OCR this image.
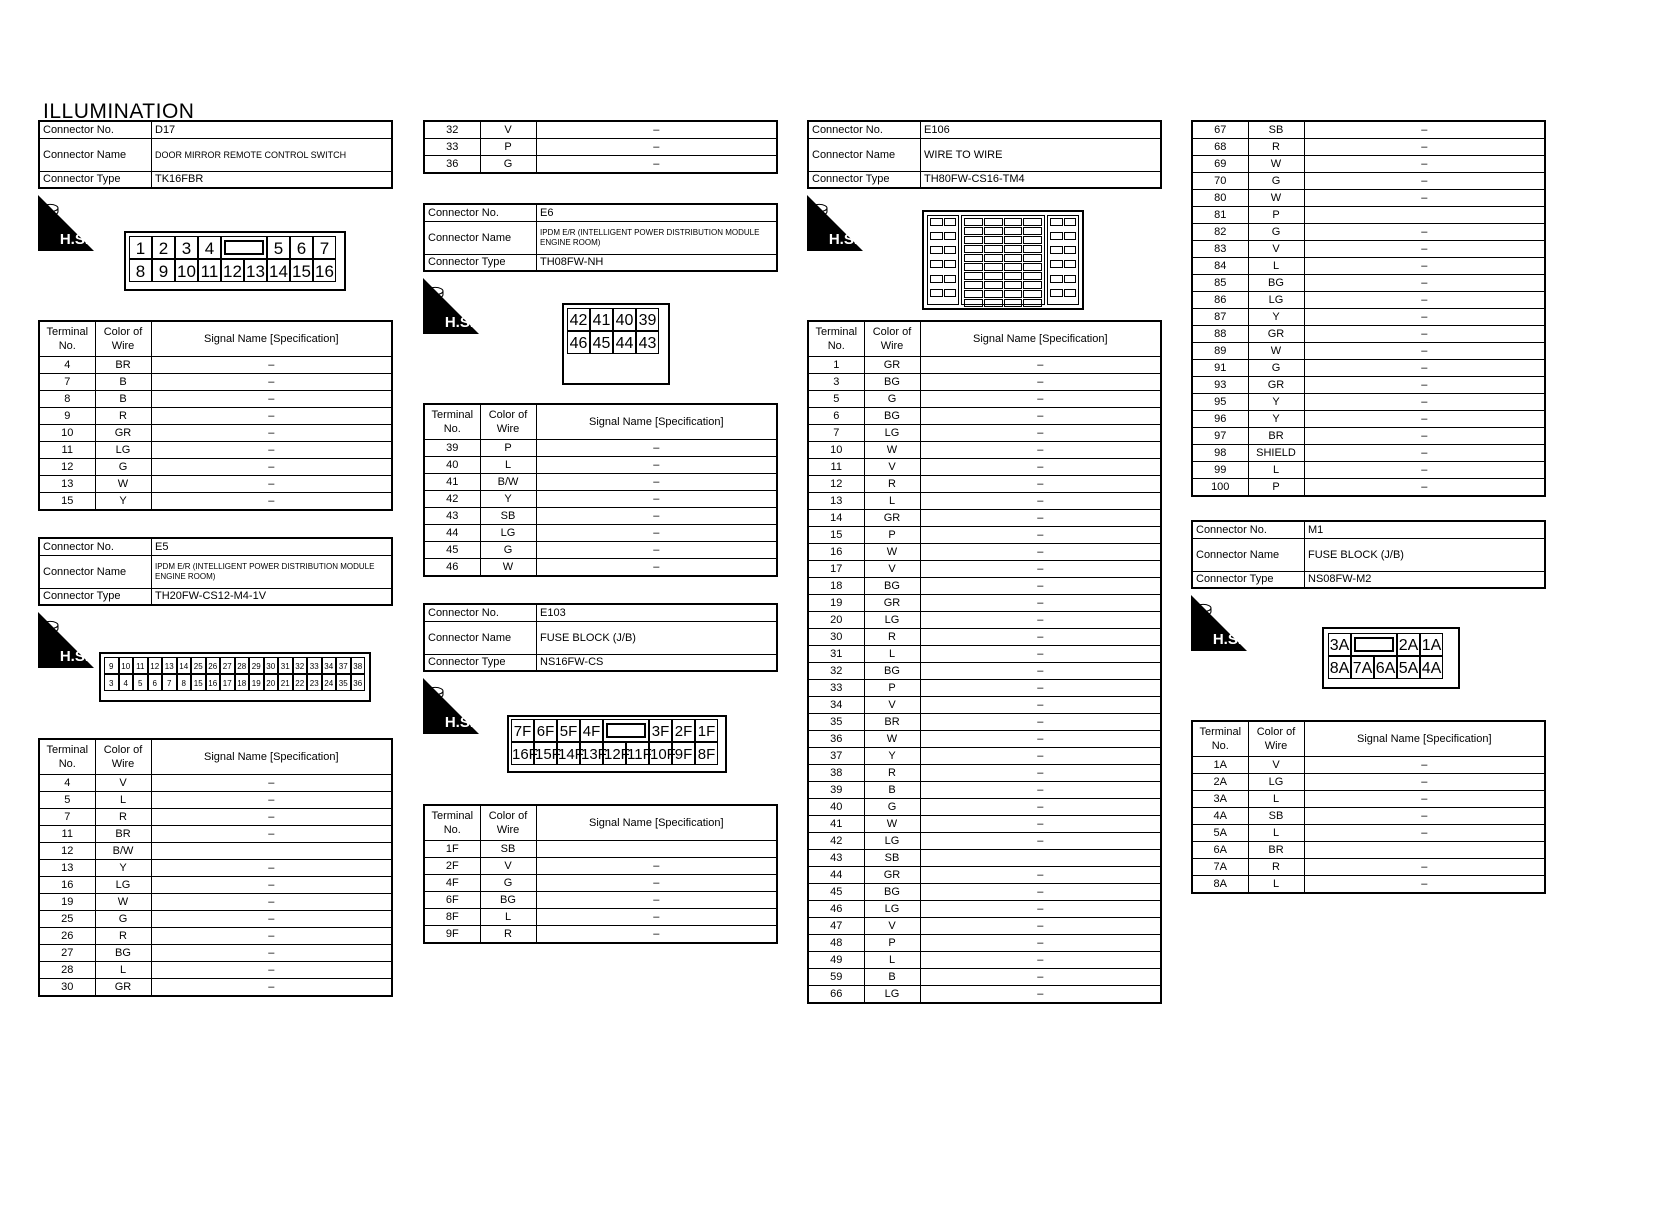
ILLUMINATION
Connector No.	D17
Connector Name	DOOR MIRROR REMOTE CONTROL SWITCH
Connector Type	TK16FBR
⛀
H.S.	1 2 3 4	5 6 7
8 9 10 11 12 13 14 15 16
Terminal No.	Color of Wire	Signal Name [Specification]
4	BR	–
7	B	–
8	B	–
9	R	–
10	GR	–
11	LG	–
12	G	–
13	W	–
15	Y	–
Connector No.	E5
Connector Name	IPDM E/R (INTELLIGENT POWER DISTRIBUTION MODULE ENGINE ROOM)
Connector Type	TH20FW-CS12-M4-1V
⛀
H.S.
9 10 11 12 13 14 25 26 27 28 29 30 31 32 33 34 37 38
3	4	5	6	7	8 15 16 17 18 19 20 21 22 23 24 35 36
Terminal No.	Color of Wire	Signal Name [Specification]
4	V	–
5	L	–
7	R	–
11	BR	–
12	B/W	
13	Y	–
16	LG	–
19	W	–
25	G	–
26	R	–
27	BG	–
28	L	–
30	GR	–
32	V	–
33	P	–
36	G	–
Connector No.	E6
Connector Name	IPDM E/R (INTELLIGENT POWER DISTRIBUTION MODULE ENGINE ROOM)
Connector Type	TH08FW-NH
⛀
H.S.	42 41 40 39
46 45 44 43
Terminal No.	Color of Wire	Signal Name [Specification]
39	P	–
40	L	–
41	B/W	–
42	Y	–
43	SB	–
44	LG	–
45	G	–
46	W	–
Connector No.	E103
Connector Name	FUSE BLOCK (J/B)
Connector Type	NS16FW-CS
⛀
H.S.
7F 6F 5F 4F	3F 2F 1F
16F
15F
14F
13F
12F
11F
10F
9F 8F
Terminal No.	Color of Wire	Signal Name [Specification]
1F	SB	
2F	V	–
4F	G	–
6F	BG	–
8F	L	–
9F	R	–
Connector No.	E106
Connector Name	WIRE TO WIRE
Connector Type	TH80FW-CS16-TM4
⛀
H.S.
Terminal No.	Color of Wire	Signal Name [Specification]
1	GR	–
3	BG	–
5	G	–
6	BG	–
7	LG	–
10	W	–
11	V	–
12	R	–
13	L	–
14	GR	–
15	P	–
16	W	–
17	V	–
18	BG	–
19	GR	–
20	LG	–
30	R	–
31	L	–
32	BG	–
33	P	–
34	V	–
35	BR	–
36	W	–
37	Y	–
38	R	–
39	B	–
40	G	–
41	W	–
42	LG	–
43	SB	
44	GR	–
45	BG	–
46	LG	–
47	V	–
48	P	–
49	L	–
59	B	–
66	LG	–
67	SB	–
68	R	–
69	W	–
70	G	–
80	W	–
81	P	
82	G	–
83	V	–
84	L	–
85	BG	–
86	LG	–
87	Y	–
88	GR	–
89	W	–
91	G	–
93	GR	–
95	Y	–
96	Y	–
97	BR	–
98	SHIELD	–
99	L	–
100	P	–
Connector No.	M1
Connector Name	FUSE BLOCK (J/B)
Connector Type	NS08FW-M2
⛀
H.S.	3A	2A 1A
8A 7A 6A 5A 4A
Terminal No.	Color of Wire	Signal Name [Specification]
1A	V	–
2A	LG	–
3A	L	–
4A	SB	–
5A	L	–
6A	BR	
7A	R	–
8A	L	–
